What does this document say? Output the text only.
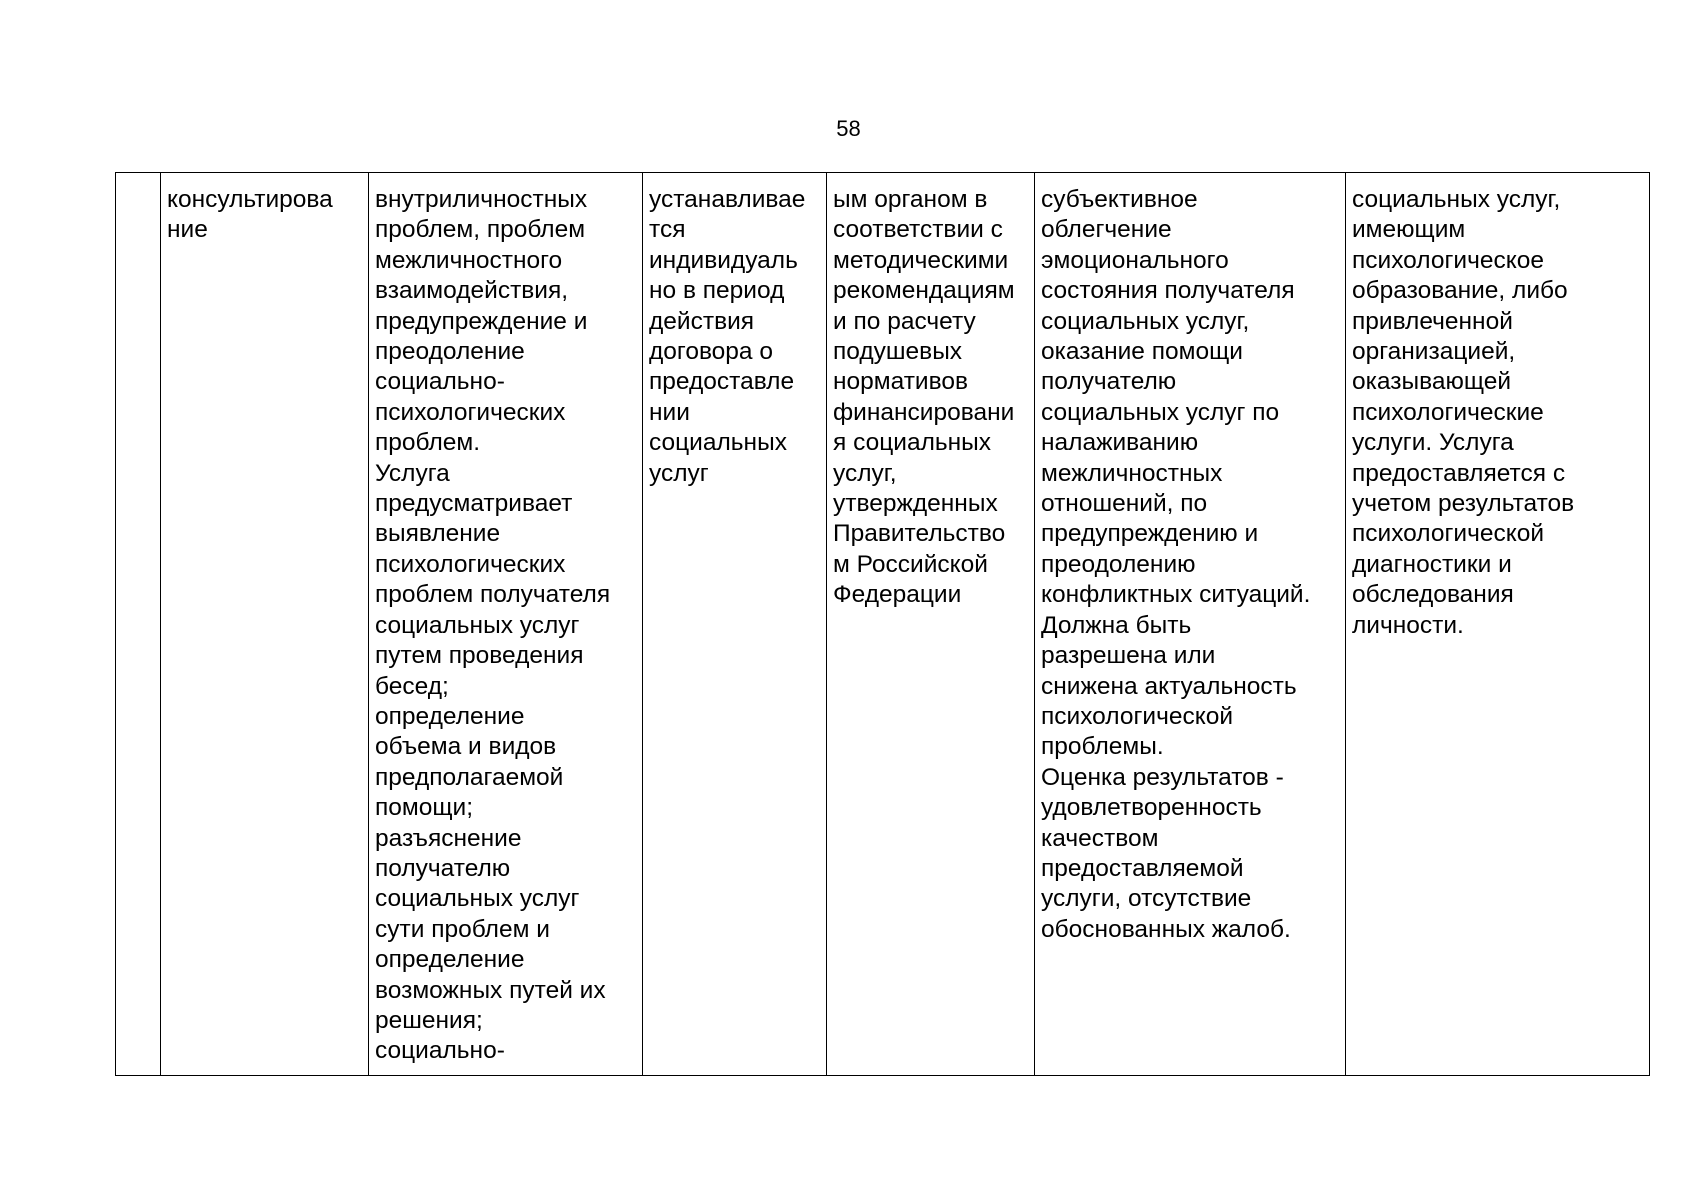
58

консультирова
ние

внутриличностных
проблем, проблем
межличностного
взаимодействия,
предупреждение и
преодоление
социально-
психологических
проблем.
Услуга
предусматривает
выявление
психологических
проблем получателя
социальных услуг
путем проведения
бесед;
определение
объема и видов
предполагаемой
помощи;
разъяснение
получателю
социальных услуг
сути проблем и
определение
возможных путей их
решения;
социально-

устанавливае
тся
индивидуаль
но в период
действия
договора о
предоставле
нии
социальных
услуг

ым органом в
соответствии с
методическими
рекомендациям
и по расчету
подушевых
нормативов
финансировани
я социальных
услуг,
утвержденных
Правительство
м Российской
Федерации

субъективное
облегчение
эмоционального
состояния получателя
социальных услуг,
оказание помощи
получателю
социальных услуг по
налаживанию
межличностных
отношений, по
предупреждению и
преодолению
конфликтных ситуаций.
Должна быть
разрешена или
снижена актуальность
психологической
проблемы.
Оценка результатов -
удовлетворенность
качеством
предоставляемой
услуги, отсутствие
обоснованных жалоб.

социальных услуг,
имеющим
психологическое
образование, либо
привлеченной
организацией,
оказывающей
психологические
услуги. Услуга
предоставляется с
учетом результатов
психологической
диагностики и
обследования
личности.
